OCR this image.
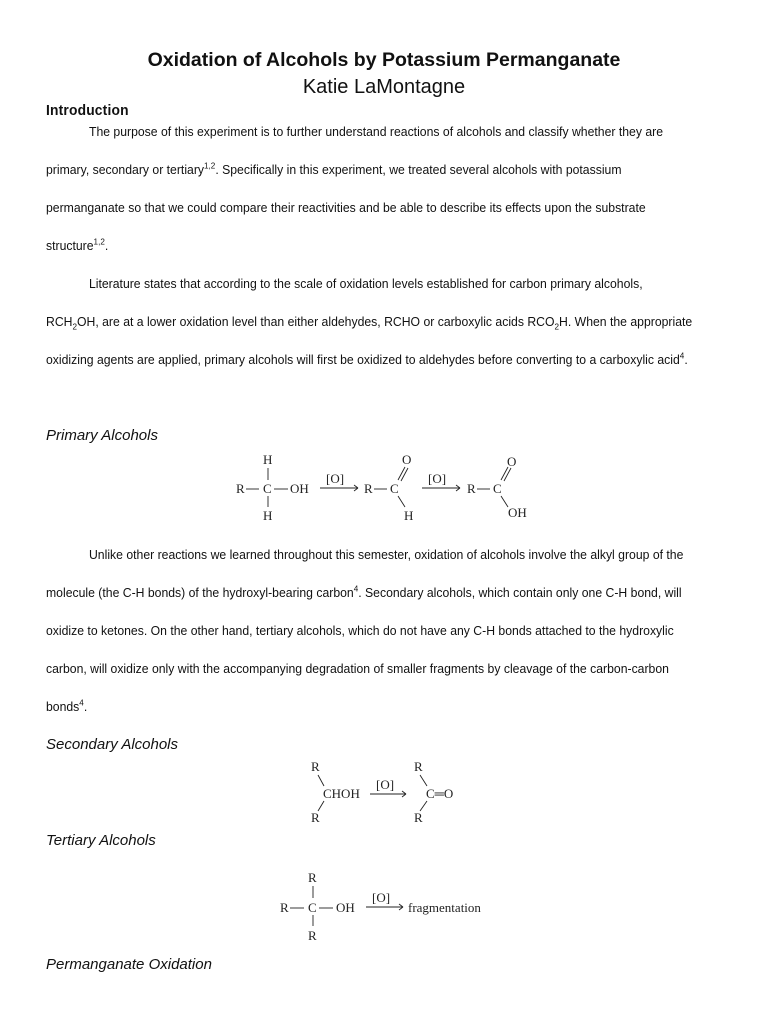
Oxidation of Alcohols by Potassium Permanganate
Katie LaMontagne
Introduction

The purpose of this experiment is to further understand reactions of alcohols and classify whether they are primary, secondary or tertiary$^{1,2}$. Specifically in this experiment, we treated several alcohols with potassium permanganate so that we could compare their reactivities and be able to describe its effects upon the substrate structure$^{1,2}$.

Literature states that according to the scale of oxidation levels established for carbon primary alcohols, $RCH_2OH$, are at a lower oxidation level than either aldehydes, RCHO or carboxylic acids $RCO_2H$. When the appropriate oxidizing agents are applied, primary alcohols will first be oxidized to aldehydes before converting to a carboxylic acid$^4$.

Primary Alcohols
H
R C OH
H
[O]
R C
O
H
[O]
R C
O
OH

Unlike other reactions we learned throughout this semester, oxidation of alcohols involve the alkyl group of the molecule (the C-H bonds) of the hydroxyl-bearing carbon$^4$. Secondary alcohols, which contain only one C-H bond, will oxidize to ketones. On the other hand, tertiary alcohols, which do not have any C-H bonds attached to the hydroxylic carbon, will oxidize only with the accompanying degradation of smaller fragments by cleavage of the carbon-carbon bonds$^4$.

Secondary Alcohols
R
CHOH
R
[O]
R
C═O
R
Tertiary Alcohols
R
R C OH
R
[O]
fragmentation
Permanganate Oxidation
